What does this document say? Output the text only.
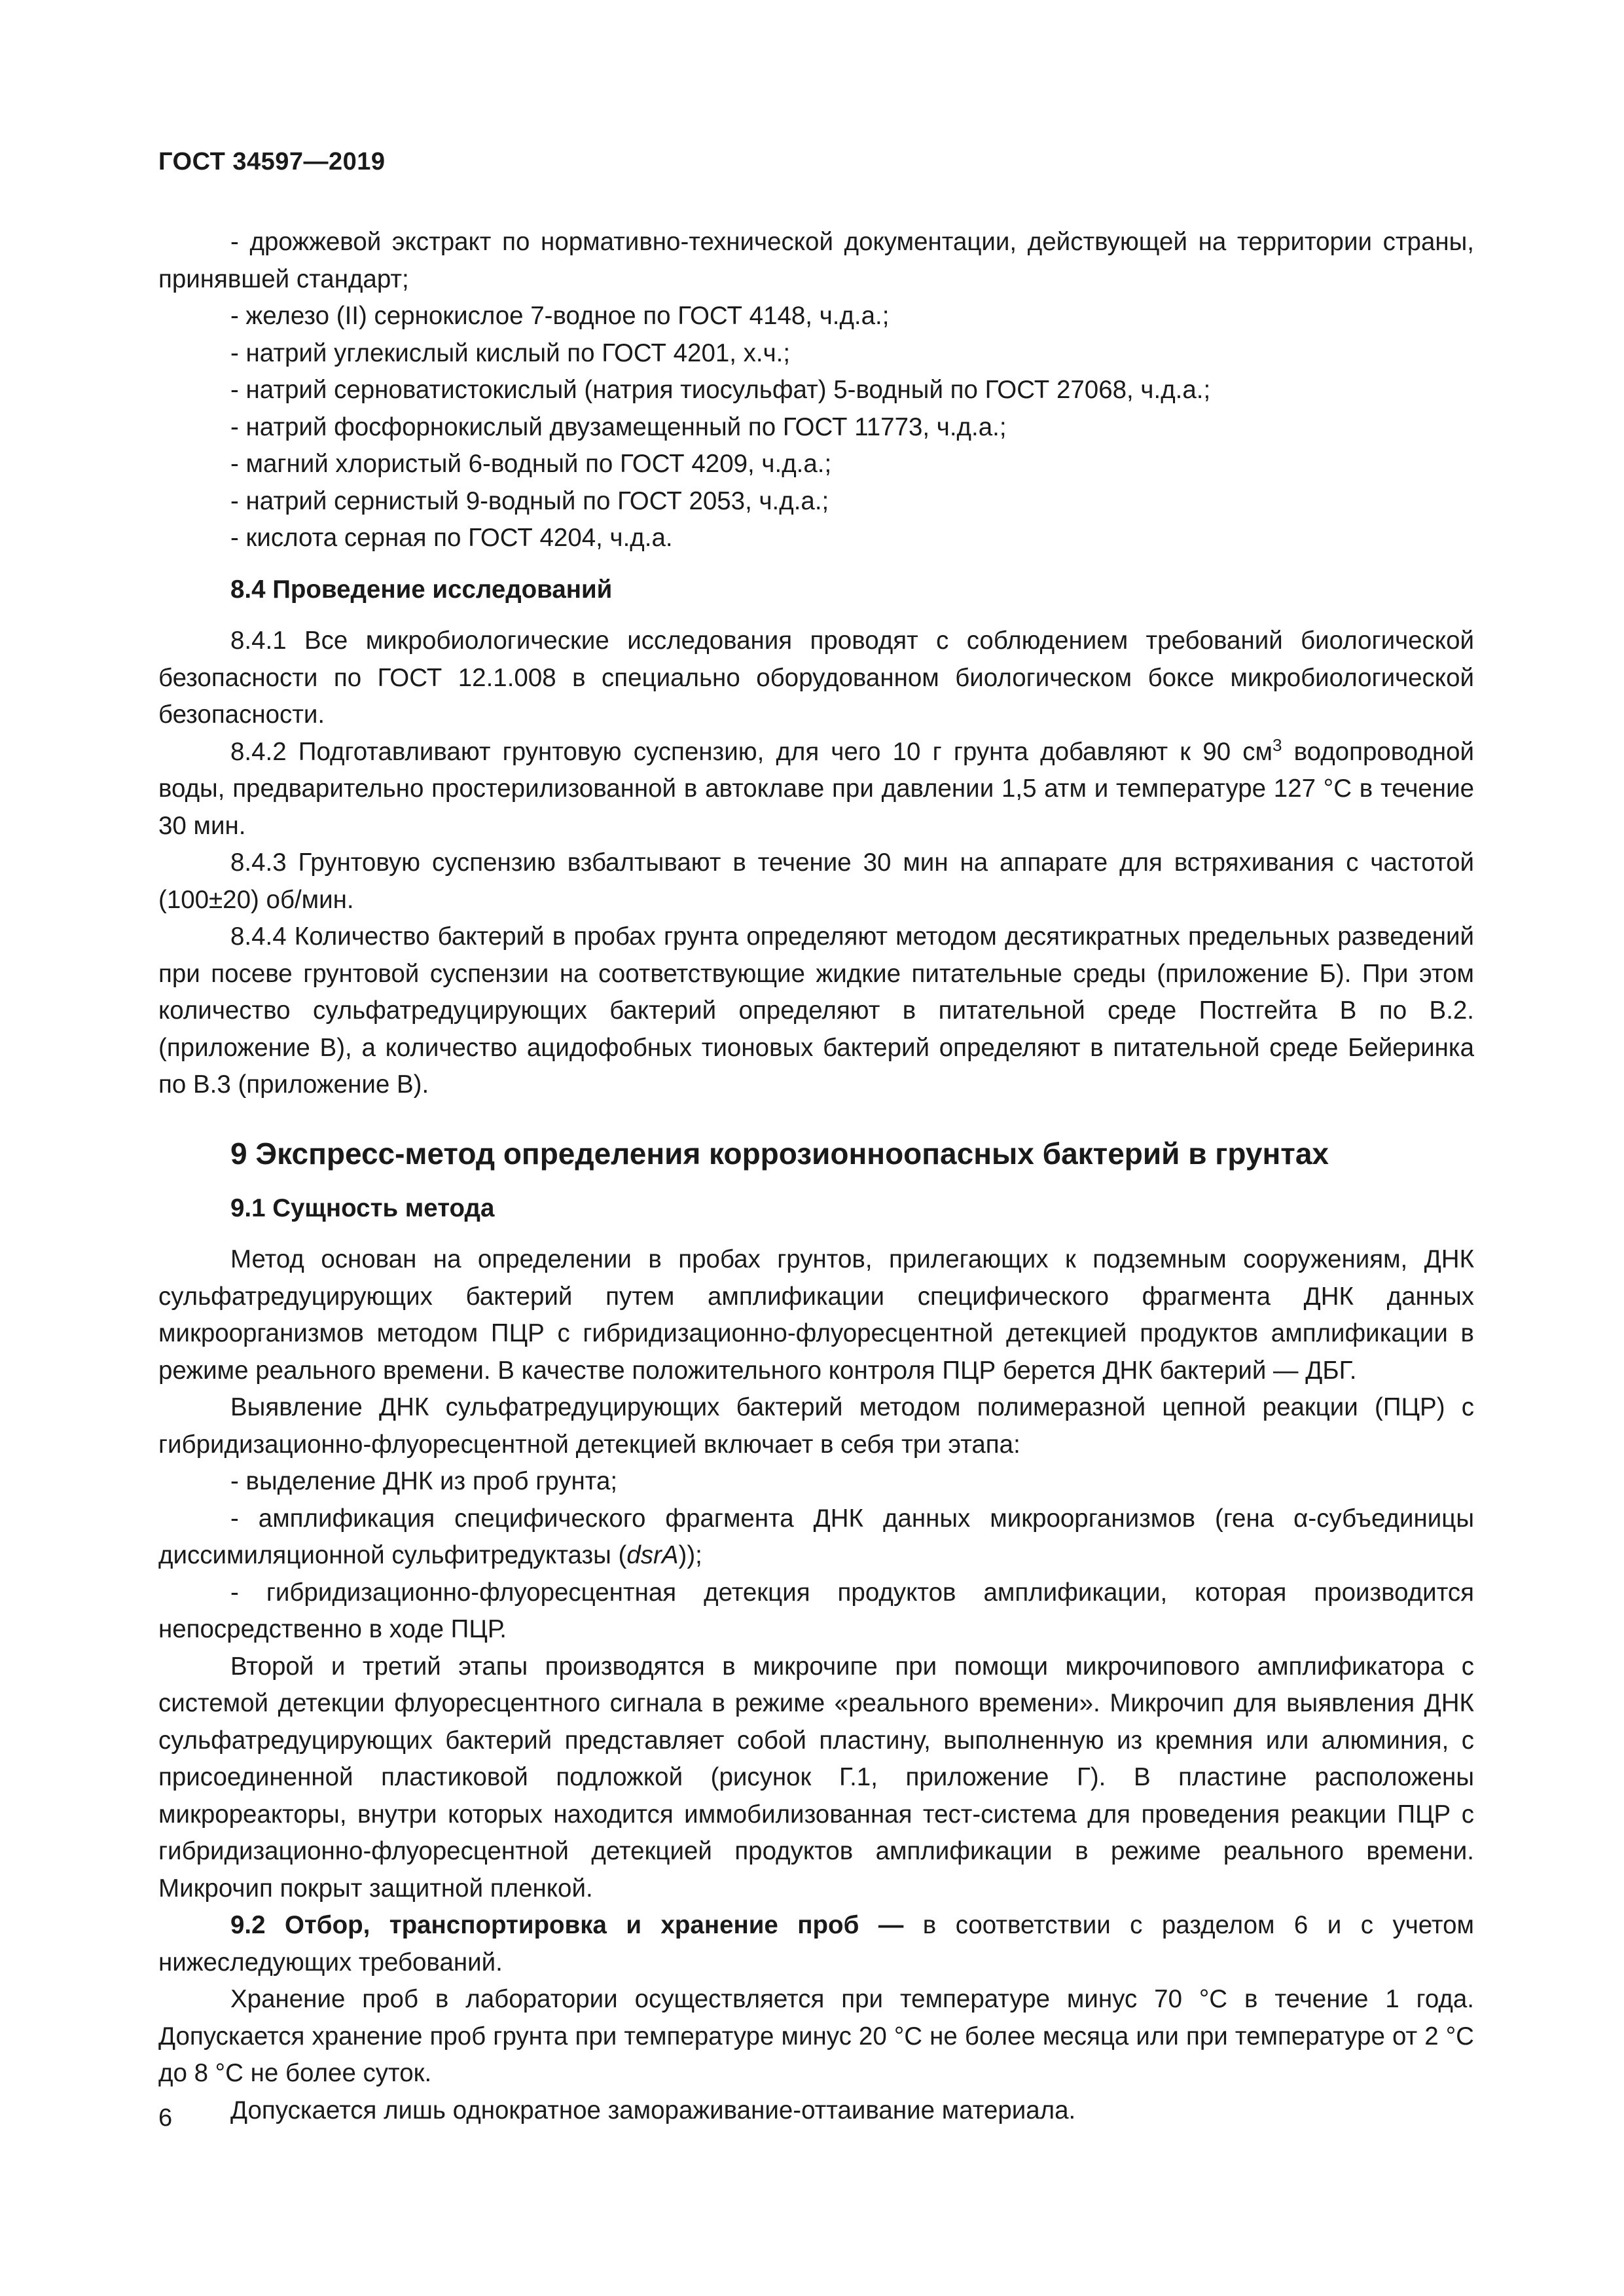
ГОСТ 34597—2019

- дрожжевой экстракт по нормативно-технической документации, действующей на территории страны, принявшей стандарт;

- железо (II) сернокислое 7-водное по ГОСТ 4148, ч.д.а.;

- натрий углекислый кислый по ГОСТ 4201, х.ч.;

- натрий серноватистокислый (натрия тиосульфат) 5-водный по ГОСТ 27068, ч.д.а.;

- натрий фосфорнокислый двузамещенный по ГОСТ 11773, ч.д.а.;

- магний хлористый 6-водный по ГОСТ 4209, ч.д.а.;

- натрий сернистый 9-водный по ГОСТ 2053, ч.д.а.;

- кислота серная по ГОСТ 4204, ч.д.а.

8.4 Проведение исследований

8.4.1 Все микробиологические исследования проводят с соблюдением требований биологической безопасности по ГОСТ 12.1.008 в специально оборудованном биологическом боксе микробиологической безопасности.

8.4.2 Подготавливают грунтовую суспензию, для чего 10 г грунта добавляют к 90 $см^3$ водопроводной воды, предварительно простерилизованной в автоклаве при давлении 1,5 атм и температуре 127 °С в течение 30 мин.

8.4.3 Грунтовую суспензию взбалтывают в течение 30 мин на аппарате для встряхивания с частотой (100±20) об/мин.

8.4.4 Количество бактерий в пробах грунта определяют методом десятикратных предельных разведений при посеве грунтовой суспензии на соответствующие жидкие питательные среды (приложение Б). При этом количество сульфатредуцирующих бактерий определяют в питательной среде Постгейта В по В.2. (приложение В), а количество ацидофобных тионовых бактерий определяют в питательной среде Бейеринка по В.3 (приложение В).

9 Экспресс-метод определения коррозионноопасных бактерий в грунтах
9.1 Сущность метода

Метод основан на определении в пробах грунтов, прилегающих к подземным сооружениям, ДНК сульфатредуцирующих бактерий путем амплификации специфического фрагмента ДНК данных микроорганизмов методом ПЦР с гибридизационно-флуоресцентной детекцией продуктов амплификации в режиме реального времени. В качестве положительного контроля ПЦР берется ДНК бактерий — ДБГ.

Выявление ДНК сульфатредуцирующих бактерий методом полимеразной цепной реакции (ПЦР) с гибридизационно-флуоресцентной детекцией включает в себя три этапа:

- выделение ДНК из проб грунта;

- амплификация специфического фрагмента ДНК данных микроорганизмов (гена α-субъединицы диссимиляционной сульфитредуктазы (dsrA));

- гибридизационно-флуоресцентная детекция продуктов амплификации, которая производится непосредственно в ходе ПЦР.

Второй и третий этапы производятся в микрочипе при помощи микрочипового амплификатора с системой детекции флуоресцентного сигнала в режиме «реального времени». Микрочип для выявления ДНК сульфатредуцирующих бактерий представляет собой пластину, выполненную из кремния или алюминия, с присоединенной пластиковой подложкой (рисунок Г.1, приложение Г). В пластине расположены микрореакторы, внутри которых находится иммобилизованная тест-система для проведения реакции ПЦР с гибридизационно-флуоресцентной детекцией продуктов амплификации в режиме реального времени. Микрочип покрыт защитной пленкой.

9.2 Отбор, транспортировка и хранение проб — в соответствии с разделом 6 и с учетом нижеследующих требований.

Хранение проб в лаборатории осуществляется при температуре минус 70 °С в течение 1 года. Допускается хранение проб грунта при температуре минус 20 °С не более месяца или при температуре от 2 °С до 8 °С не более суток.

Допускается лишь однократное замораживание-оттаивание материала.

6
